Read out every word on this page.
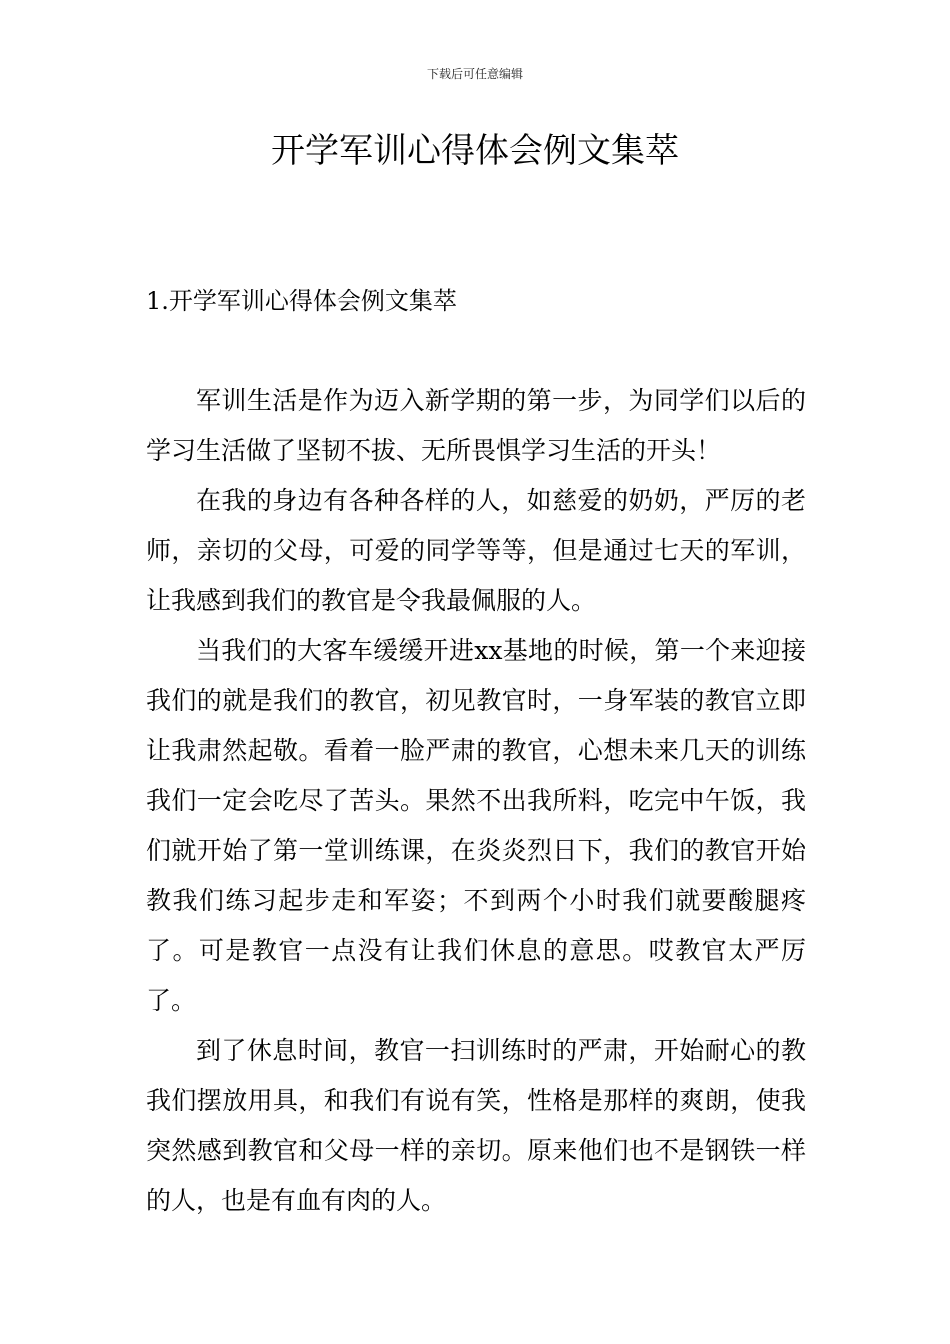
下载后可任意编辑
开学军训心得体会例文集萃
1.开学军训心得体会例文集萃

军训生活是作为迈入新学期的第一步，为同学们以后的学习生活做了坚韧不拔、无所畏惧学习生活的开头！

在我的身边有各种各样的人，如慈爱的奶奶，严厉的老师，亲切的父母，可爱的同学等等，但是通过七天的军训，让我感到我们的教官是令我最佩服的人。

当我们的大客车缓缓开进xx基地的时候，第一个来迎接我们的就是我们的教官，初见教官时，一身军装的教官立即让我肃然起敬。看着一脸严肃的教官，心想未来几天的训练我们一定会吃尽了苦头。果然不出我所料，吃完中午饭，我们就开始了第一堂训练课，在炎炎烈日下，我们的教官开始教我们练习起步走和军姿；不到两个小时我们就要酸腿疼了。可是教官一点没有让我们休息的意思。哎教官太严厉了。

到了休息时间，教官一扫训练时的严肃，开始耐心的教我们摆放用具，和我们有说有笑，性格是那样的爽朗，使我突然感到教官和父母一样的亲切。原来他们也不是钢铁一样的人，也是有血有肉的人。
